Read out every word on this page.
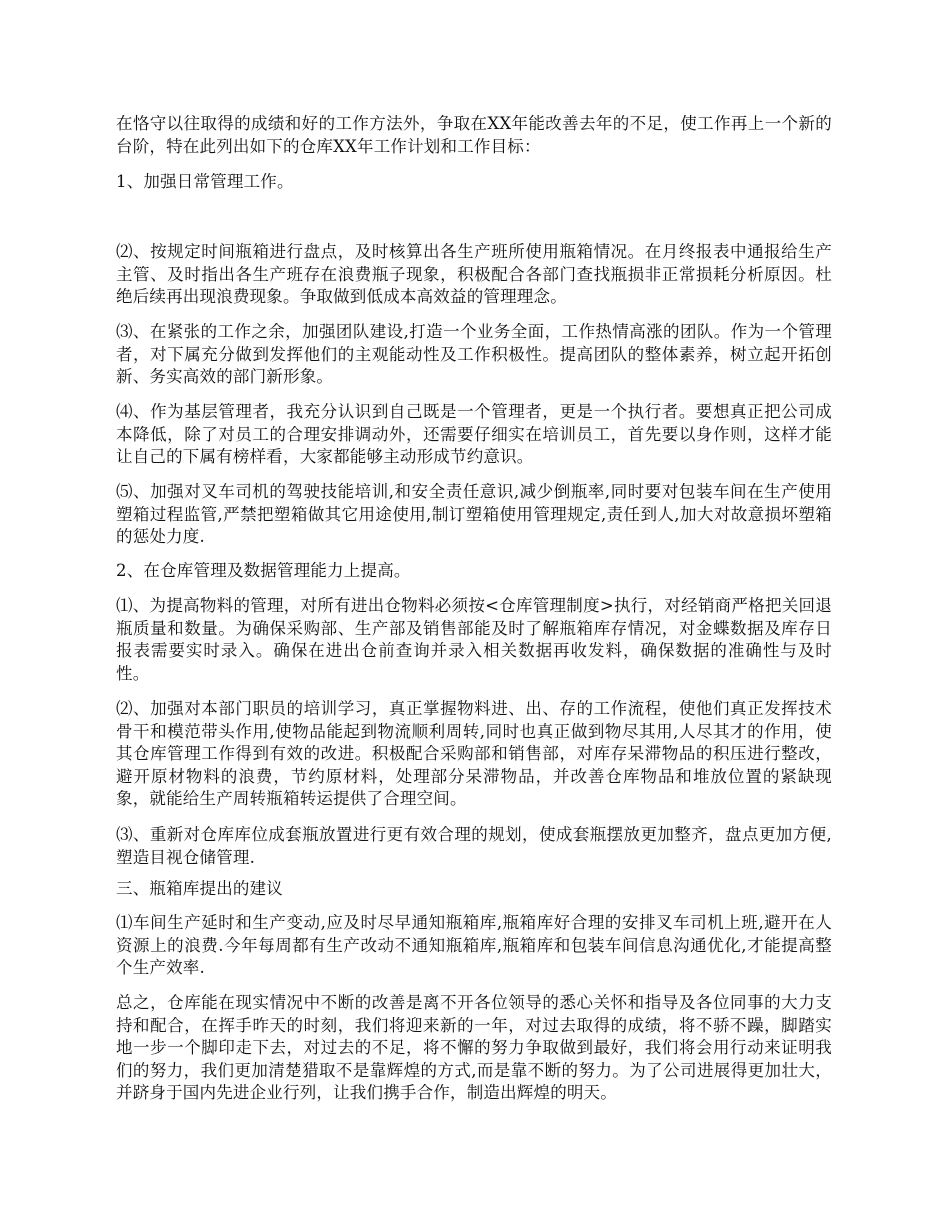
在恪守以往取得的成绩和好的工作方法外，争取在XX年能改善去年的不足，使工作再上一个新的台阶，特在此列出如下的仓库XX年工作计划和工作目标：

1、加强日常管理工作。

⑵、按规定时间瓶箱进行盘点，及时核算出各生产班所使用瓶箱情况。在月终报表中通报给生产主管、及时指出各生产班存在浪费瓶子现象，积极配合各部门查找瓶损非正常损耗分析原因。杜绝后续再出现浪费现象。争取做到低成本高效益的管理理念。

⑶、在紧张的工作之余，加强团队建设,打造一个业务全面，工作热情高涨的团队。作为一个管理者，对下属充分做到发挥他们的主观能动性及工作积极性。提高团队的整体素养，树立起开拓创新、务实高效的部门新形象。

⑷、作为基层管理者，我充分认识到自己既是一个管理者，更是一个执行者。要想真正把公司成本降低，除了对员工的合理安排调动外，还需要仔细实在培训员工，首先要以身作则，这样才能让自己的下属有榜样看，大家都能够主动形成节约意识。

⑸、加强对叉车司机的驾驶技能培训,和安全责任意识,减少倒瓶率,同时要对包装车间在生产使用塑箱过程监管,严禁把塑箱做其它用途使用,制订塑箱使用管理规定,责任到人,加大对故意损坏塑箱的惩处力度.

2、在仓库管理及数据管理能力上提高。

⑴、为提高物料的管理，对所有进出仓物料必须按<仓库管理制度>执行，对经销商严格把关回退瓶质量和数量。为确保采购部、生产部及销售部能及时了解瓶箱库存情况，对金蝶数据及库存日报表需要实时录入。确保在进出仓前查询并录入相关数据再收发料，确保数据的准确性与及时性。

⑵、加强对本部门职员的培训学习，真正掌握物料进、出、存的工作流程，使他们真正发挥技术骨干和模范带头作用,使物品能起到物流顺利周转,同时也真正做到物尽其用,人尽其才的作用，使其仓库管理工作得到有效的改进。积极配合采购部和销售部，对库存呆滞物品的积压进行整改，避开原材物料的浪费，节约原材料，处理部分呆滞物品，并改善仓库物品和堆放位置的紧缺现象，就能给生产周转瓶箱转运提供了合理空间。

⑶、重新对仓库库位成套瓶放置进行更有效合理的规划，使成套瓶摆放更加整齐，盘点更加方便,塑造目视仓储管理.

三、瓶箱库提出的建议

⑴车间生产延时和生产变动,应及时尽早通知瓶箱库,瓶箱库好合理的安排叉车司机上班,避开在人资源上的浪费.今年每周都有生产改动不通知瓶箱库,瓶箱库和包装车间信息沟通优化,才能提高整个生产效率.

总之，仓库能在现实情况中不断的改善是离不开各位领导的悉心关怀和指导及各位同事的大力支持和配合，在挥手昨天的时刻，我们将迎来新的一年，对过去取得的成绩，将不骄不躁，脚踏实地一步一个脚印走下去，对过去的不足，将不懈的努力争取做到最好，我们将会用行动来证明我们的努力，我们更加清楚猎取不是靠辉煌的方式,而是靠不断的努力。为了公司进展得更加壮大，并跻身于国内先进企业行列，让我们携手合作，制造出辉煌的明天。
